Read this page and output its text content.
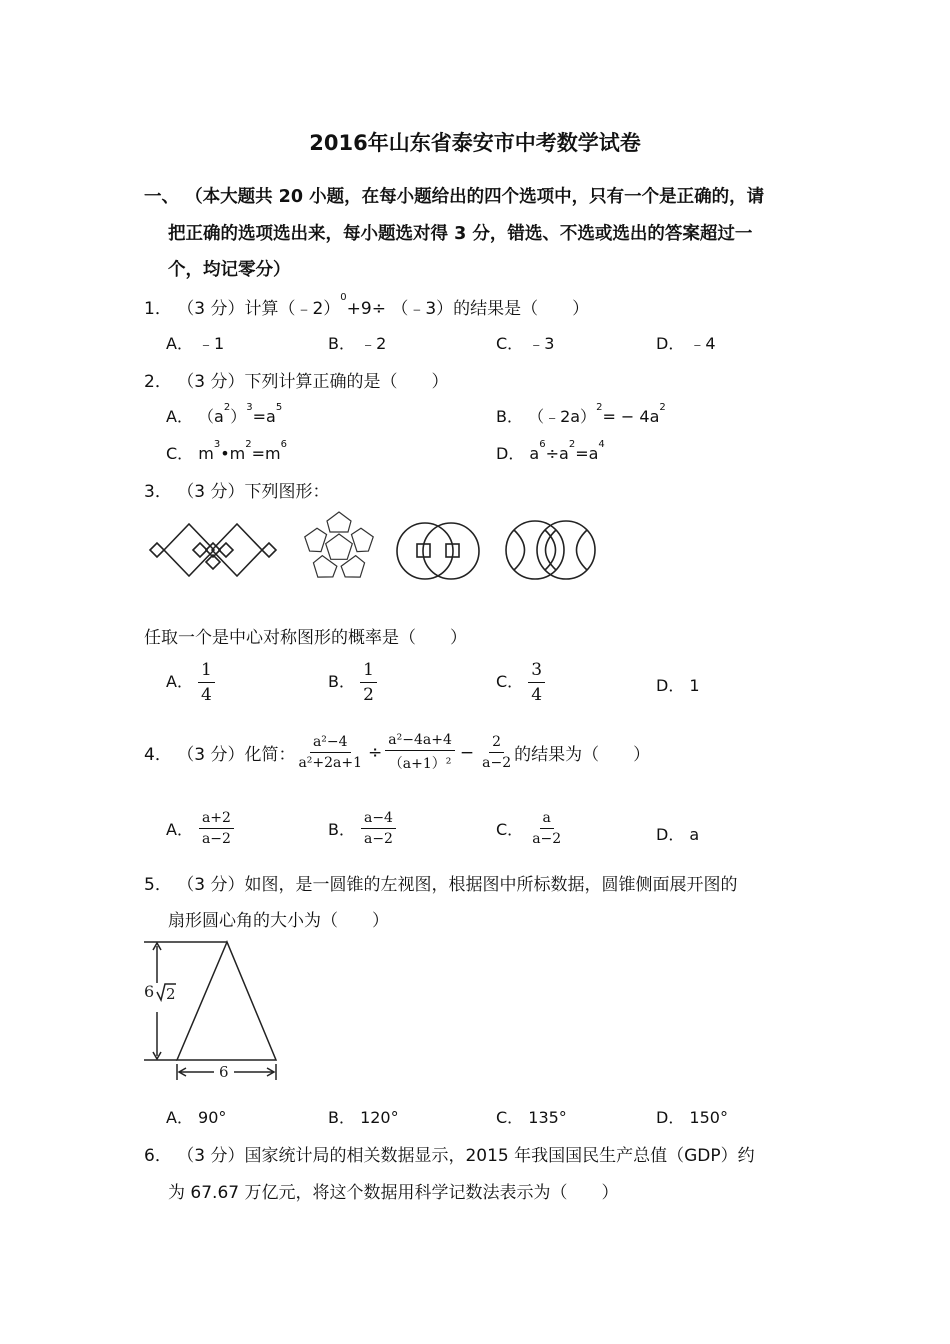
2016年山东省泰安市中考数学试卷
一、 （本大题共 20 小题，在每小题给出的四个选项中，只有一个是正确的，请
把正确的选项选出来，每小题选对得 3 分，错选、不选或选出的答案超过一
个，均记零分）
1． （3 分）计算（﹣2）$^0$+9÷ （﹣3）的结果是（　　）
A． ﹣1	B． ﹣2	C． ﹣3	D． ﹣4
2． （3 分）下列计算正确的是（　　）
A． $(a^2)^3=a^5$	B． （﹣2a）$^2$= − $4a^2$
C． $m^3•m^2=m^6$	D． $a^6\div a^2=a^4$
3． （3 分）下列图形：
任取一个是中心对称图形的概率是（　　）
A． $\frac{1}{4}$	B． $\frac{1}{2}$	C． $\frac{3}{4}$	D． 1
4． （3 分）化简： $\frac{\text{a²−4}}{\text{a²+2a+1}} \div \frac{\text{a²−4a+4}}{\text{（a+1）²}} - \frac{2}{a-2}$ 的结果为（　　）
A． $\frac{a+2}{a-2}$	B． $\frac{a-4}{a-2}$	C． $\frac{a}{a-2}$	D． a
5． （3 分）如图，是一圆锥的左视图，根据图中所标数据，圆锥侧面展开图的
扇形圆心角的大小为（　　）
6 2
6
A． 90°	B． 120°	C． 135°	D． 150°
6． （3 分）国家统计局的相关数据显示，2015 年我国国民生产总值（GDP）约
为 67.67 万亿元，将这个数据用科学记数法表示为（　　）
